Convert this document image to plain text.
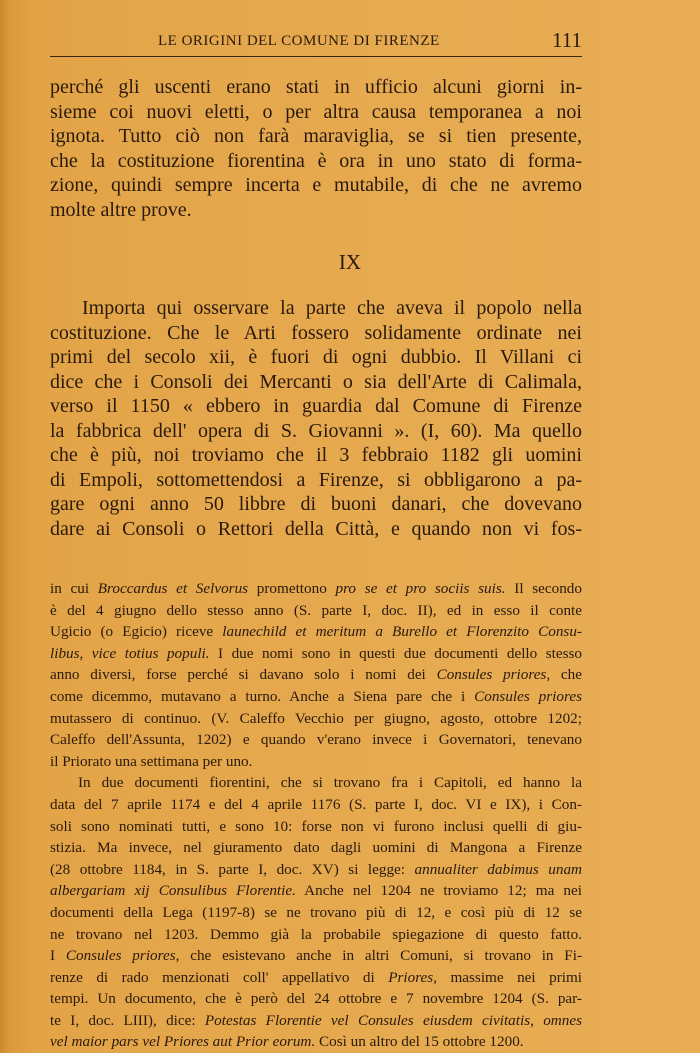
LE ORIGINI DEL COMUNE DI FIRENZE	111
perché gli uscenti erano stati in ufficio alcuni giorni in-
sieme coi nuovi eletti, o per altra causa temporanea a noi
ignota. Tutto ciò non farà maraviglia, se si tien presente,
che la costituzione fiorentina è ora in uno stato di forma-
zione, quindi sempre incerta e mutabile, di che ne avremo
molte altre prove.
IX
Importa qui osservare la parte che aveva il popolo nella
costituzione. Che le Arti fossero solidamente ordinate nei
primi del secolo xii, è fuori di ogni dubbio. Il Villani ci
dice che i Consoli dei Mercanti o sia dell'Arte di Calimala,
verso il 1150 « ebbero in guardia dal Comune di Firenze
la fabbrica dell' opera di S. Giovanni ». (I, 60). Ma quello
che è più, noi troviamo che il 3 febbraio 1182 gli uomini
di Empoli, sottomettendosi a Firenze, si obbligarono a pa-
gare ogni anno 50 libbre di buoni danari, che dovevano
dare ai Consoli o Rettori della Città, e quando non vi fos-
in cui Broccardus et Selvorus promettono pro se et pro sociis suis. Il secondo
è del 4 giugno dello stesso anno (S. parte I, doc. II), ed in esso il conte
Ugicio (o Egicio) riceve launechild et meritum a Burello et Florenzito Consu-
libus, vice totius populi. I due nomi sono in questi due documenti dello stesso
anno diversi, forse perché si davano solo i nomi dei Consules priores, che
come dicemmo, mutavano a turno. Anche a Siena pare che i Consules priores
mutassero di continuo. (V. Caleffo Vecchio per giugno, agosto, ottobre 1202;
Caleffo dell'Assunta, 1202) e quando v'erano invece i Governatori, tenevano
il Priorato una settimana per uno.
In due documenti fiorentini, che si trovano fra i Capitoli, ed hanno la
data del 7 aprile 1174 e del 4 aprile 1176 (S. parte I, doc. VI e IX), i Con-
soli sono nominati tutti, e sono 10: forse non vi furono inclusi quelli di giu-
stizia. Ma invece, nel giuramento dato dagli uomini di Mangona a Firenze
(28 ottobre 1184, in S. parte I, doc. XV) si legge: annualiter dabimus unam
albergariam xij Consulibus Florentie. Anche nel 1204 ne troviamo 12; ma nei
documenti della Lega (1197-8) se ne trovano più di 12, e così più di 12 se
ne trovano nel 1203. Demmo già la probabile spiegazione di questo fatto.
I Consules priores, che esistevano anche in altri Comuni, si trovano in Fi-
renze di rado menzionati coll' appellativo di Priores, massime nei primi
tempi. Un documento, che è però del 24 ottobre e 7 novembre 1204 (S. par-
te I, doc. LIII), dice: Potestas Florentie vel Consules eiusdem civitatis, omnes
vel maior pars vel Priores aut Prior eorum. Così un altro del 15 ottobre 1200.
